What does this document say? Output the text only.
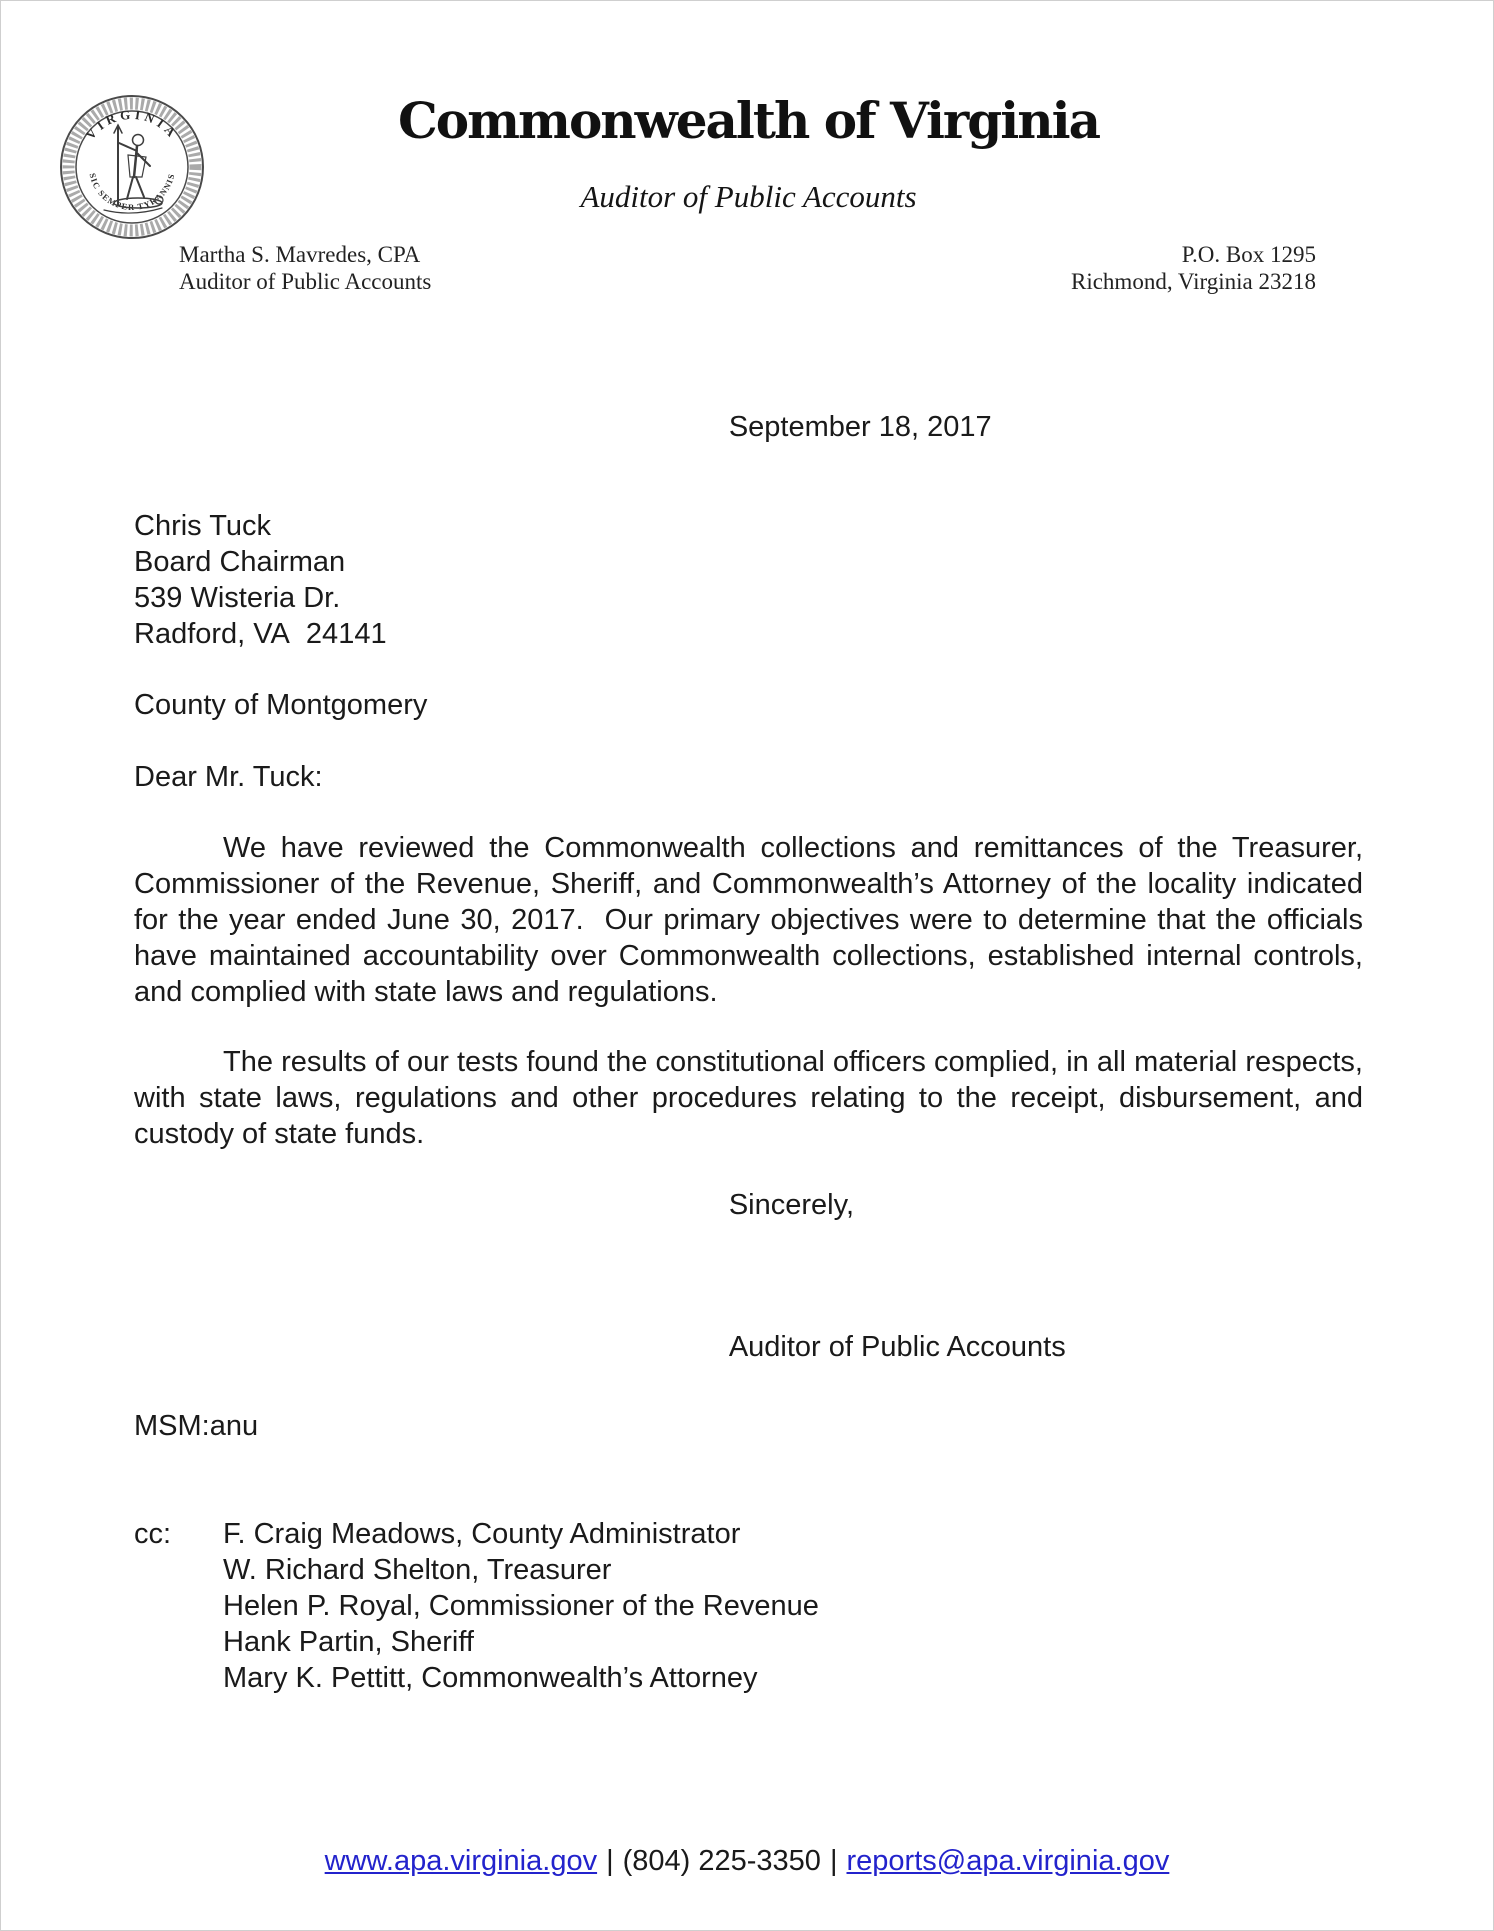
VIRGINIA
SIC SEMPER TYRANNIS
Commonwealth of Virginia
Auditor of Public Accounts
Martha S. Mavredes, CPA
Auditor of Public Accounts
P.O. Box 1295
Richmond, Virginia 23218
September 18, 2017
Chris Tuck
Board Chairman
539 Wisteria Dr.
Radford, VA  24141
County of Montgomery
Dear Mr. Tuck:

We have reviewed the Commonwealth collections and remittances of the Treasurer, Commissioner of the Revenue, Sheriff, and Commonwealth’s Attorney of the locality indicated for the year ended June 30, 2017.  Our primary objectives were to determine that the officials have maintained accountability over Commonwealth collections, established internal controls, and complied with state laws and regulations.

The results of our tests found the constitutional officers complied, in all material respects, with state laws, regulations and other procedures relating to the receipt, disbursement, and custody of state funds.

Sincerely,
Auditor of Public Accounts
MSM:anu
cc:	F. Craig Meadows, County Administrator
W. Richard Shelton, Treasurer
Helen P. Royal, Commissioner of the Revenue
Hank Partin, Sheriff
Mary K. Pettitt, Commonwealth’s Attorney
www.apa.virginia.gov | (804) 225-3350 | reports@apa.virginia.gov
